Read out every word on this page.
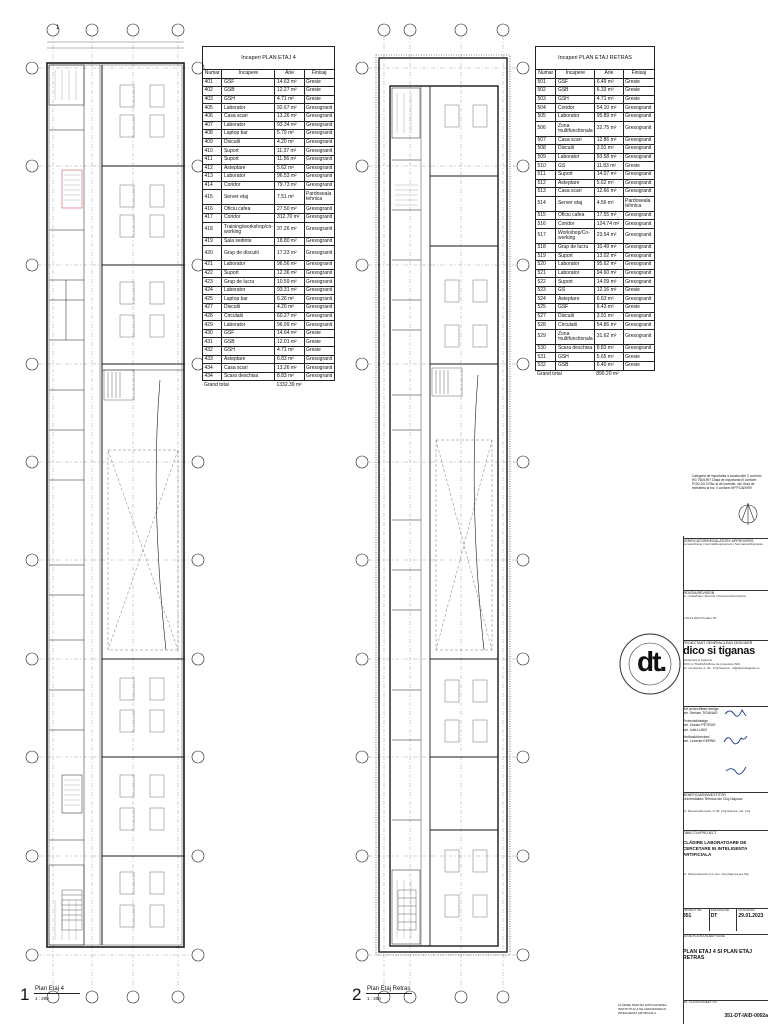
1
1 Plan Etaj 4
1 : 200	2 Plan Etaj Retras
1 : 200
Incaperi PLAN ETAJ 4
Numar	Incapere	Arie	Finisaj
401	GSF	14.63 m²	Gresie
402	GSB	12.27 m²	Gresie
403	GSH	4.71 m²	Gresie
405	Laborator	92.67 m²	Gresogranit
406	Casa scari	13.26 m²	Gresogranit
407	Laborator	93.34 m²	Gresogranit
408	Laptop bar	5.79 m²	Gresogranit
409	Discutii	4.20 m²	Gresogranit
410	Suport	11.37 m²	Gresogranit
411	Suport	11.56 m²	Gresogranit
412	Asteptare	5.62 m²	Gresogranit
413	Laborator	96.53 m²	Gresogranit
414	Coridor	79.73 m²	Gresogranit
415	Server etaj	7.51 m²	Pardoseala tehnica
416	Oficiu cafea	27.50 m²	Gresogranit
417	Coridor	312.70 m²	Gresogranit
418	Training/workshop/co-working	37.26 m²	Gresogranit
419	Sala sedinte	18.80 m²	Gresogranit
420	Grup de discutii	17.23 m²	Gresogranit
421	Laborator	96.56 m²	Gresogranit
422	Suport	12.36 m²	Gresogranit
423	Grup de lucru	10.59 m²	Gresogranit
424	Laborator	93.31 m²	Gresogranit
425	Laptop bar	6.26 m²	Gresogranit
427	Discutii	4.20 m²	Gresogranit
428	Circulatii	60.27 m²	Gresogranit
429	Laborator	96.99 m²	Gresogranit
430	GSF	14.64 m²	Gresie
431	GSB	12.01 m²	Gresie
432	GSH	4.71 m²	Gresie
433	Asteptare	6.83 m²	Gresogranit
434	Casa scari	13.26 m²	Gresogranit
434	Scara deschisa	8.83 m²	Gresogranit
Grand total		1332.39 m²	
Incaperi PLAN ETAJ RETRAS
Numar	Incapere	Arie	Finisaj
501	GSF	6.49 m²	Gresie
502	GSB	6.33 m²	Gresie
503	GSH	4.71 m²	Gresie
504	Coridor	54.10 m²	Gresogranit
505	Laborator	95.89 m²	Gresogranit
506	Zona multifunctionala	32.75 m²	Gresogranit
507	Casa scari	12.86 m²	Gresogranit
508	Discutii	3.91 m²	Gresogranit
509	Laborator	93.58 m²	Gresogranit
510	GS	11.83 m²	Gresie
511	Suport	14.07 m²	Gresogranit
512	Asteptare	5.62 m²	Gresogranit
513	Casa scari	12.66 m²	Gresogranit
514	Server etaj	4.56 m²	Pardoseala tehnica
515	Oficiu cafea	17.55 m²	Gresogranit
516	Coridor	124.74 m²	Gresogranit
517	Workshop/Co-working	23.54 m²	Gresogranit
518	Grup de lucru	10.49 m²	Gresogranit
519	Suport	13.02 m²	Gresogranit
520	Laborator	95.62 m²	Gresogranit
521	Laborator	94.60 m²	Gresogranit
522	Suport	14.09 m²	Gresogranit
523	GS	12.16 m²	Gresie
524	Asteptare	6.63 m²	Gresogranit
525	GSF	6.43 m²	Gresie
527	Discutii	3.91 m²	Gresogranit
528	Circulatii	54.86 m²	Gresogranit
529	Zona multifunctionala	31.62 m²	Gresogranit
530	Scara deschisa	8.83 m²	Gresogranit
531	GSH	5.65 m²	Gresie
532	GSB	6.40 m²	Gresie
Grand total		890.20 m²	
Categoria de importanta a constructiei C conform HG 766/1997 Clasa de importanta III conform P100-2013 Risc al de incendiu: mic Grad de rezistenta la foc: II conform NP P118/1999
VERIFICATOR/REGULATORY APPROVERS
Numele/Name | Cerinta/Requirement | Semnatura/Signature
REVIZIA/REVISION
Nr. | Data/Date | Revizia | Descriere/Description
a 29.01.2023 Predare DT
PROIECTANT GENERAL/LEAD DESIGNER
dico si tiganas
arhitectura si inginerie
DICO si TIGANAS Birou de proiectare SRL
Str. Constanta nr. 32 · Cluj-Napoca · dt@dicosititganas.ro
dt.
Sef proiect/lead design
arh. Serban TIGANAS
Proiectat/design
arh. Dorian PETRUS
arh. Iulia LUNG
Verificat/checked
arh. Levente KERNS
BENEFICIAR/INVESTITOR
Universitatea Tehnica din Cluj-Napoca
str. Memorandumului, nr.28, Cluj-Napoca, jud. Cluj
OBIECTIV/PROJECT
CLĂDIRE LABORATOARE DE CERCETARE IN INTELIGENTA ARTIFICIALA
str. Observatorului nr.2 mun. Cluj-Napoca jud.Cluj
PROIECT NR.
351
FAZA/PHASE
DT
DATA/DATE
29.01.2023
NUME PLANSA/SHEET NAME
PLAN ETAJ 4 SI PLAN ETAJ RETRAS
NR. PLANSA/SHEET NO.
351-DT-IAID-0002a
CLĂDIRE PENTRU EXPLOATAREA INSTITUTULUI DE CERCETARE IN INTELIGENTA ARTIFICIALA
